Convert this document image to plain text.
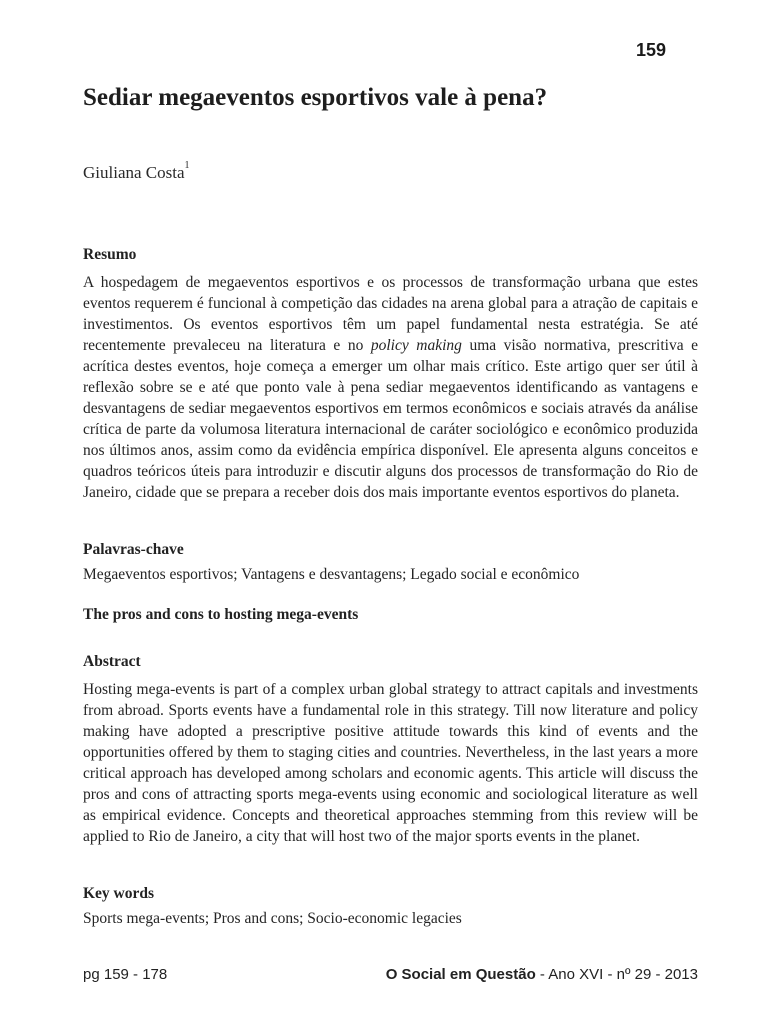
159
Sediar megaeventos esportivos vale à pena?
Giuliana Costa$^1$
Resumo

A hospedagem de megaeventos esportivos e os processos de transformação urbana que estes eventos requerem é funcional à competição das cidades na arena global para a atração de capitais e investimentos. Os eventos esportivos têm um papel fundamental nesta estratégia. Se até recentemente prevaleceu na literatura e no policy making uma visão normativa, prescritiva e acrítica destes eventos, hoje começa a emerger um olhar mais crítico. Este artigo quer ser útil à reflexão sobre se e até que ponto vale à pena sediar megaeventos identificando as vantagens e desvantagens de sediar megaeventos esportivos em termos econômicos e sociais através da análise crítica de parte da volumosa literatura internacional de caráter sociológico e econômico produzida nos últimos anos, assim como da evidência empírica disponível. Ele apresenta alguns conceitos e quadros teóricos úteis para introduzir e discutir alguns dos processos de transformação do Rio de Janeiro, cidade que se prepara a receber dois dos mais importante eventos esportivos do planeta.

Palavras-chave

Megaeventos esportivos; Vantagens e desvantagens; Legado social e econômico

The pros and cons to hosting mega-events
Abstract

Hosting mega-events is part of a complex urban global strategy to attract capitals and investments from abroad. Sports events have a fundamental role in this strategy. Till now literature and policy making have adopted a prescriptive positive attitude towards this kind of events and the opportunities offered by them to staging cities and countries. Nevertheless, in the last years a more critical approach has developed among scholars and economic agents. This article will discuss the pros and cons of attracting sports mega-events using economic and sociological literature as well as empirical evidence. Concepts and theoretical approaches stemming from this review will be applied to Rio de Janeiro, a city that will host two of the major sports events in the planet.

Key words

Sports mega-events; Pros and cons; Socio-economic legacies

pg 159 - 178	O Social em Questão - Ano XVI - nº 29 - 2013
